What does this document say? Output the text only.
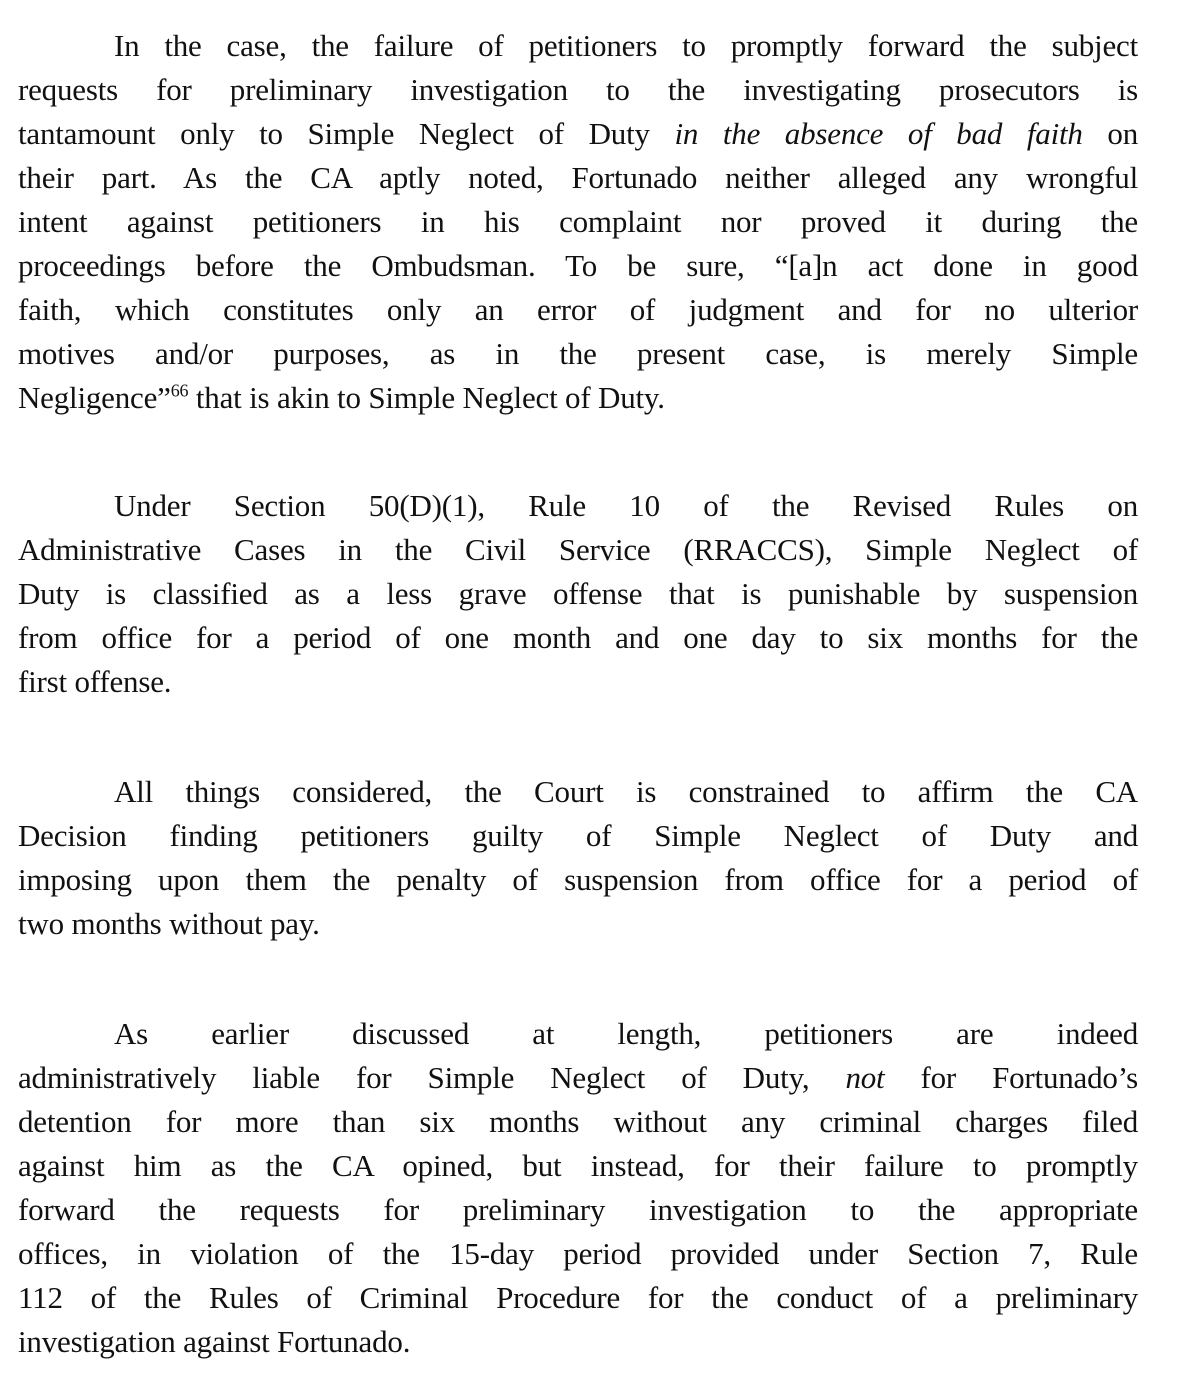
In the case, the failure of petitioners to promptly forward the subject
requests for preliminary investigation to the investigating prosecutors is
tantamount only to Simple Neglect of Duty in the absence of bad faith on
their part. As the CA aptly noted, Fortunado neither alleged any wrongful
intent against petitioners in his complaint nor proved it during the
proceedings before the Ombudsman. To be sure, “[a]n act done in good
faith, which constitutes only an error of judgment and for no ulterior
motives and/or purposes, as in the present case, is merely Simple
Negligence”$^{66}$ that is akin to Simple Neglect of Duty.
Under Section 50(D)(1), Rule 10 of the Revised Rules on
Administrative Cases in the Civil Service (RRACCS), Simple Neglect of
Duty is classified as a less grave offense that is punishable by suspension
from office for a period of one month and one day to six months for the
first offense.
All things considered, the Court is constrained to affirm the CA
Decision finding petitioners guilty of Simple Neglect of Duty and
imposing upon them the penalty of suspension from office for a period of
two months without pay.
As earlier discussed at length, petitioners are indeed
administratively liable for Simple Neglect of Duty, not for Fortunado’s
detention for more than six months without any criminal charges filed
against him as the CA opined, but instead, for their failure to promptly
forward the requests for preliminary investigation to the appropriate
offices, in violation of the 15-day period provided under Section 7, Rule
112 of the Rules of Criminal Procedure for the conduct of a preliminary
investigation against Fortunado.
